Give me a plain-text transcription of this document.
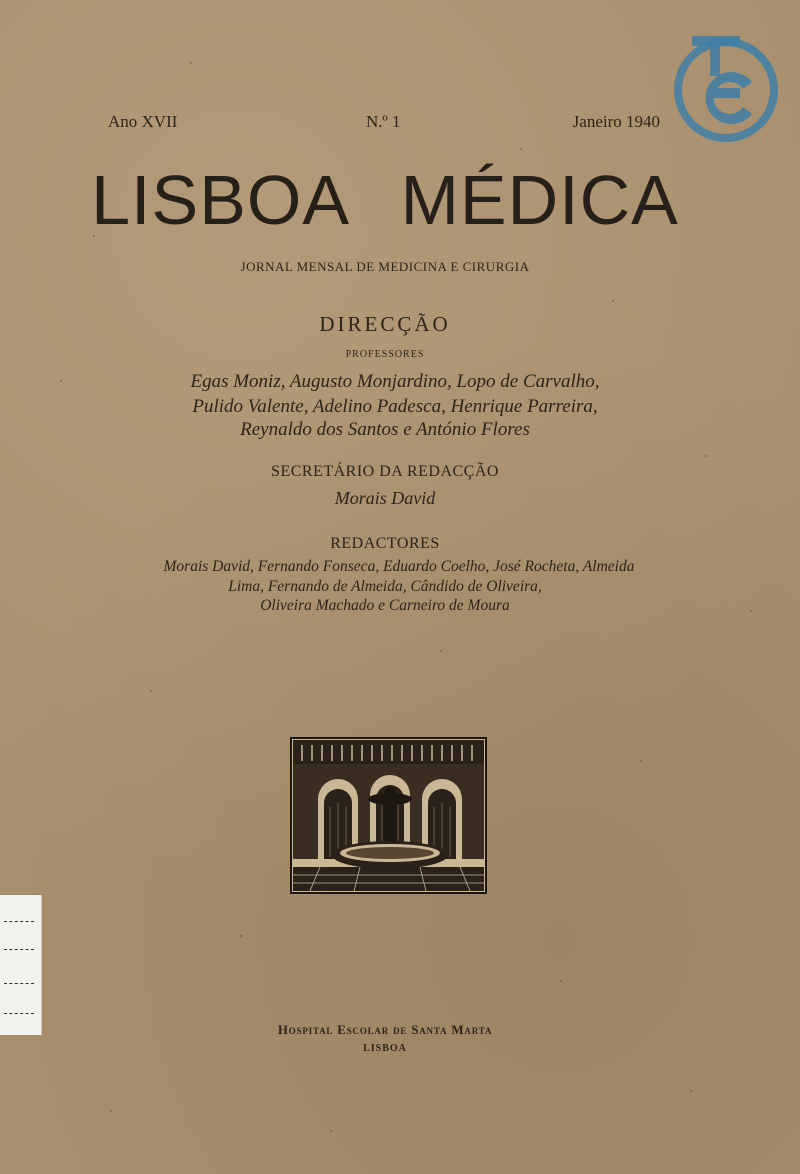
Ano XVII	N.º 1	Janeiro 1940
LISBOA MÉDICA
JORNAL MENSAL DE MEDICINA E CIRURGIA
DIRECÇÃO
PROFESSORES
Egas Moniz, Augusto Monjardino, Lopo de Carvalho,
Pulido Valente, Adelino Padesca, Henrique Parreira,
Reynaldo dos Santos e António Flores
SECRETÁRIO DA REDACÇÃO
Morais David
REDACTORES
Morais David, Fernando Fonseca, Eduardo Coelho, José Rocheta, Almeida
Lima, Fernando de Almeida, Cândido de Oliveira,
Oliveira Machado e Carneiro de Moura
Hospital Escolar de Santa Marta
LISBOA
